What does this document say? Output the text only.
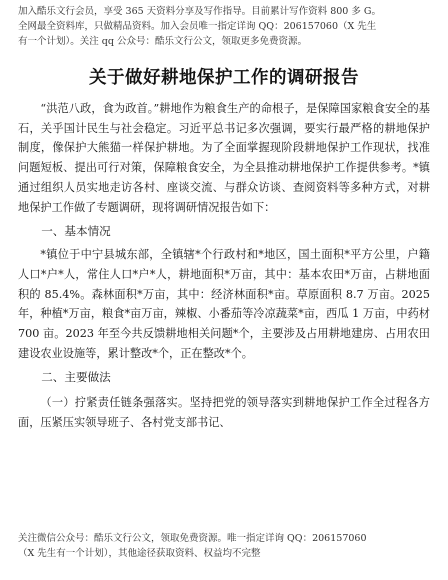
加入酷乐文行会员，享受 365 天资料分享及写作指导。目前累计写作资料 800 多 G。
全网最全资料库，只做精品资料。加入会员唯一指定详询 QQ：206157060（X 先生
有一个计划）。关注 qq 公众号：酷乐文行公文，领取更多免费资源。
关于做好耕地保护工作的调研报告

“洪范八政，食为政首。”耕地作为粮食生产的命根子，是保障国家粮食安全的基石，关乎国计民生与社会稳定。习近平总书记多次强调，要实行最严格的耕地保护制度，像保护大熊猫一样保护耕地。为了全面掌握现阶段耕地保护工作现状，找准问题短板、提出可行对策，保障粮食安全，为全县推动耕地保护工作提供参考。*镇通过组织人员实地走访各村、座谈交流、与群众访谈、查阅资料等多种方式，对耕地保护工作做了专题调研，现将调研情况报告如下：

一、基本情况

*镇位于中宁县城东部，全镇辖*个行政村和*地区，国土面积*平方公里，户籍人口*户*人，常住人口*户*人，耕地面积*万亩，其中：基本农田*万亩，占耕地面积的 85.4%。森林面积*万亩，其中：经济林面积*亩。草原面积 8.7 万亩。2025年，种植*万亩，粮食*亩万亩，辣椒、小番茄等冷凉蔬菜*亩，西瓜 1 万亩，中药材 700 亩。2023 年至今共反馈耕地相关问题*个，主要涉及占用耕地建房、占用农田建设农业设施等，累计整改*个，正在整改*个。

二、主要做法

（一）拧紧责任链条强落实。坚持把党的领导落实到耕地保护工作全过程各方面，压紧压实领导班子、各村党支部书记、

关注微信公众号：酷乐文行公文，领取免费资源。唯一指定详询 QQ：206157060
（X 先生有一个计划），其他途径获取资料、权益均不完整
